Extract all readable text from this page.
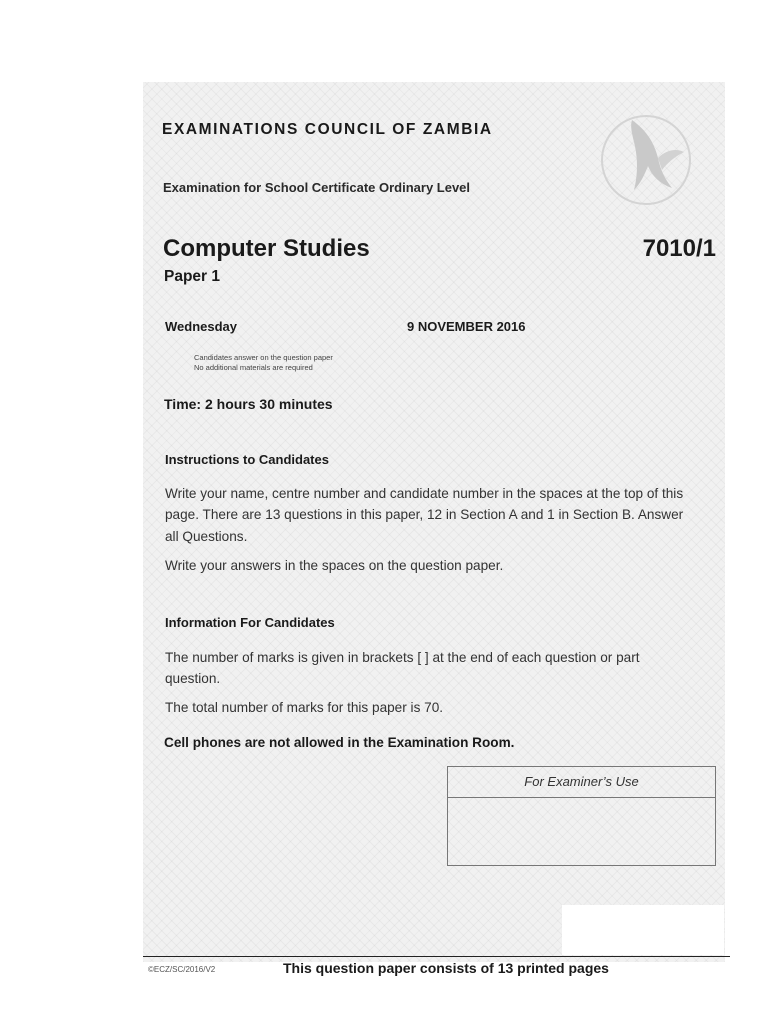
EXAMINATIONS COUNCIL OF ZAMBIA
Examination for School Certificate Ordinary Level
Computer Studies	7010/1
Paper 1
Wednesday	9 NOVEMBER 2016
Candidates answer on the question paper
No additional materials are required
Time: 2 hours 30 minutes
Instructions to Candidates
Write your name, centre number and candidate number in the spaces at the top of this
page. There are 13 questions in this paper, 12 in Section A and 1 in Section B. Answer
all Questions.
Write your answers in the spaces on the question paper.
Information For Candidates
The number of marks is given in brackets [ ] at the end of each question or part
question.
The total number of marks for this paper is 70.
Cell phones are not allowed in the Examination Room.
For Examiner’s Use
©ECZ/SC/2016/V2	This question paper consists of 13 printed pages
